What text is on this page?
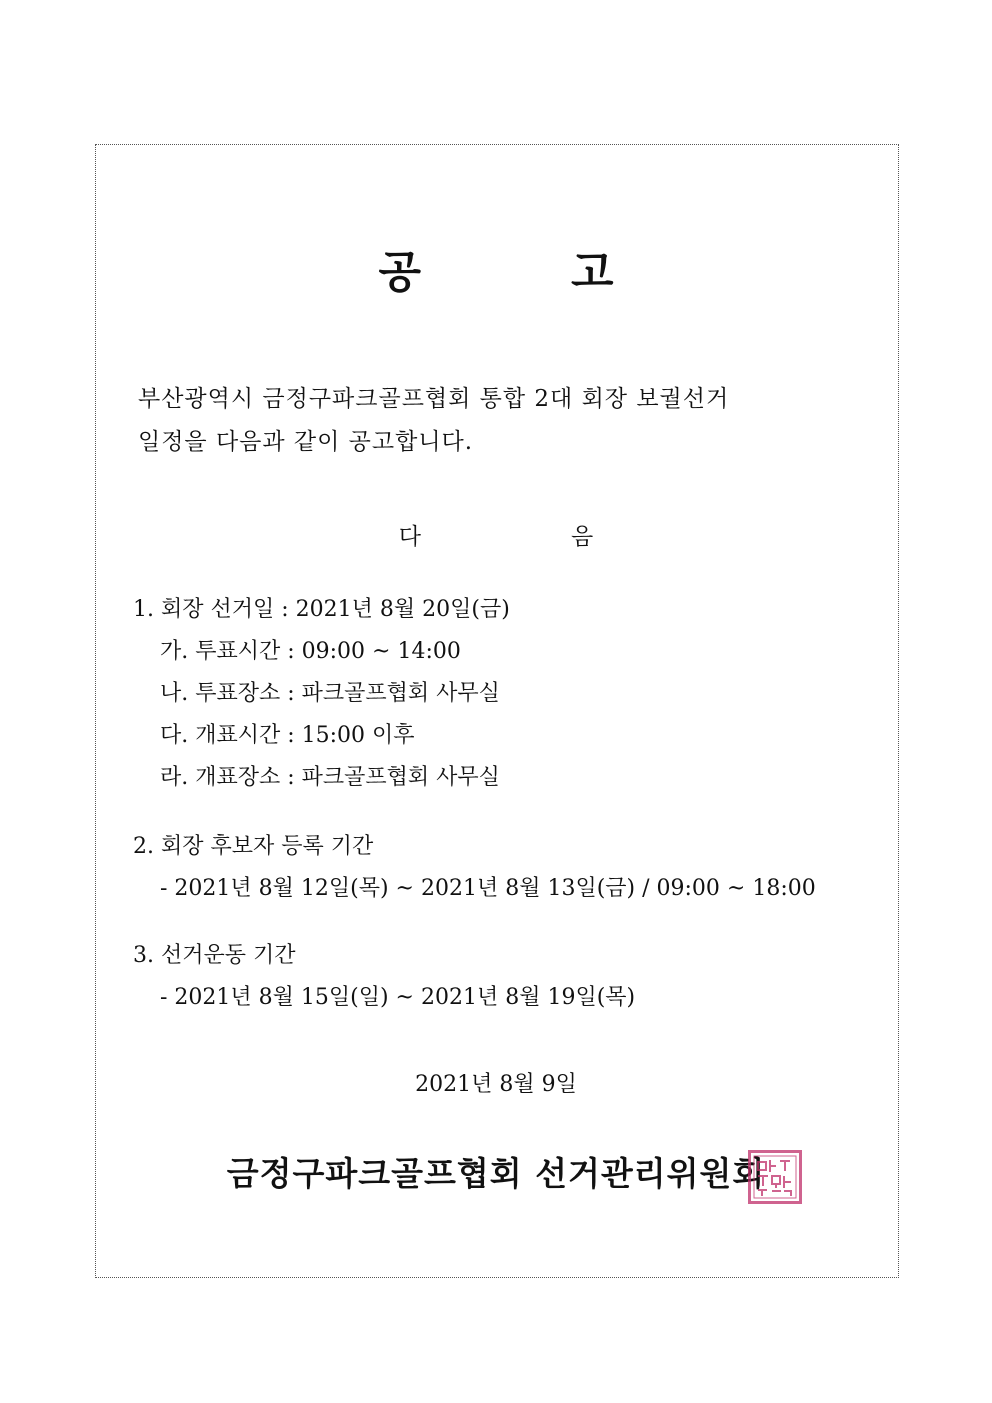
공	고
부산광역시 금정구파크골프협회 통합 2대 회장 보궐선거
일정을 다음과 같이 공고합니다.
다	음
1. 회장 선거일 : 2021년 8월 20일(금)
가. 투표시간 : 09:00 ~ 14:00
나. 투표장소 : 파크골프협회 사무실
다. 개표시간 : 15:00 이후
라. 개표장소 : 파크골프협회 사무실
2. 회장 후보자 등록 기간
- 2021년 8월 12일(목) ~ 2021년 8월 13일(금) / 09:00 ~ 18:00
3. 선거운동 기간
- 2021년 8월 15일(일) ~ 2021년 8월 19일(목)
2021년 8월 9일
금정구파크골프협회 선거관리위원회
